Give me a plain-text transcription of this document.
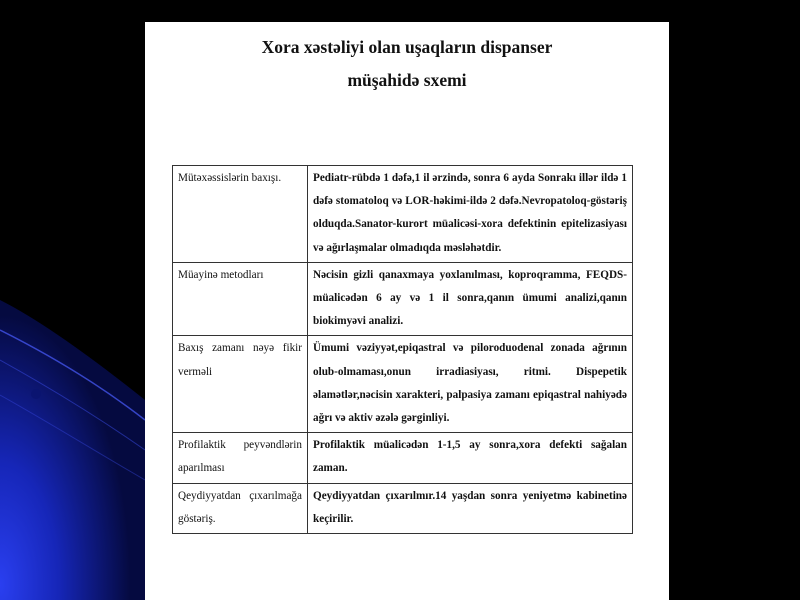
Xora xəstəliyi olan uşaqların dispanser
müşahidə sxemi
Mütəxəssislərin baxışı.	Pediatr-rübdə 1 dəfə,1 il ərzində, sonra 6 ayda Sonrakı illər ildə 1 dəfə stomatoloq və LOR-həkimi-ildə 2 dəfə.Nevropatoloq-göstəriş olduqda.Sanator-kurort müalicəsi-xora defektinin epitelizasiyası və ağırlaşmalar olmadıqda məsləhətdir.
Müayinə metodları	Nəcisin gizli qanaxmaya yoxlanılması, koproqramma, FEQDS-müalicədən 6 ay və 1 il sonra,qanın ümumi analizi,qanın biokimyəvi analizi.
Baxış zamanı nəyə fikir verməli	Ümumi vəziyyət,epiqastral və piloroduodenal zonada ağrının olub-olmaması,onun irradiasiyası, ritmi. Dispepetik əlamətlər,nəcisin xarakteri, palpasiya zamanı epiqastral nahiyədə ağrı və aktiv əzələ gərginliyi.
Profilaktik peyvəndlərin aparılması	Profilaktik müalicədən 1-1,5 ay sonra,xora defekti sağalan zaman.
Qeydiyyatdan çıxarılmağa göstəriş.	Qeydiyyatdan çıxarılmır.14 yaşdan sonra yeniyetmə kabinetinə keçirilir.
